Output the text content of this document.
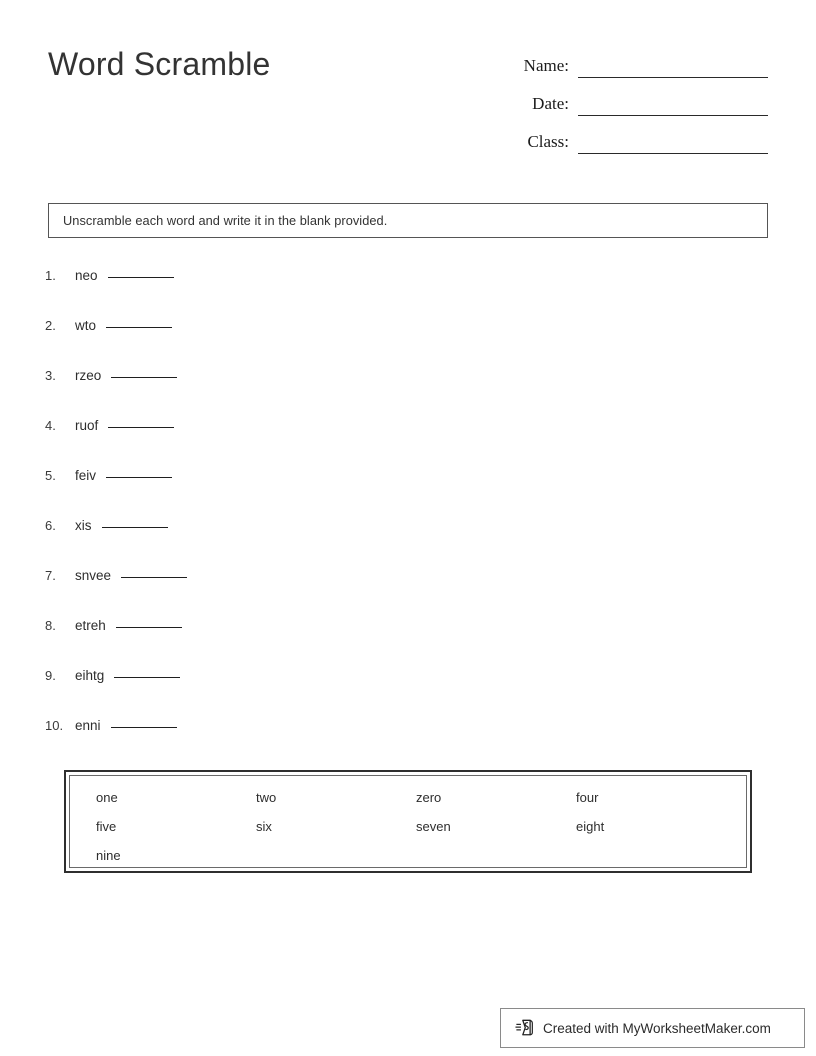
Word Scramble	Name:
Date:
Class:
Unscramble each word and write it in the blank provided.
1.	neo
2.	wto
3.	rzeo
4.	ruof
5.	feiv
6.	xis
7.	snvee
8.	etreh
9.	eihtg
10. enni
one	two	zero	four
five	six	seven	eight
nine
Created with MyWorksheetMaker.com
